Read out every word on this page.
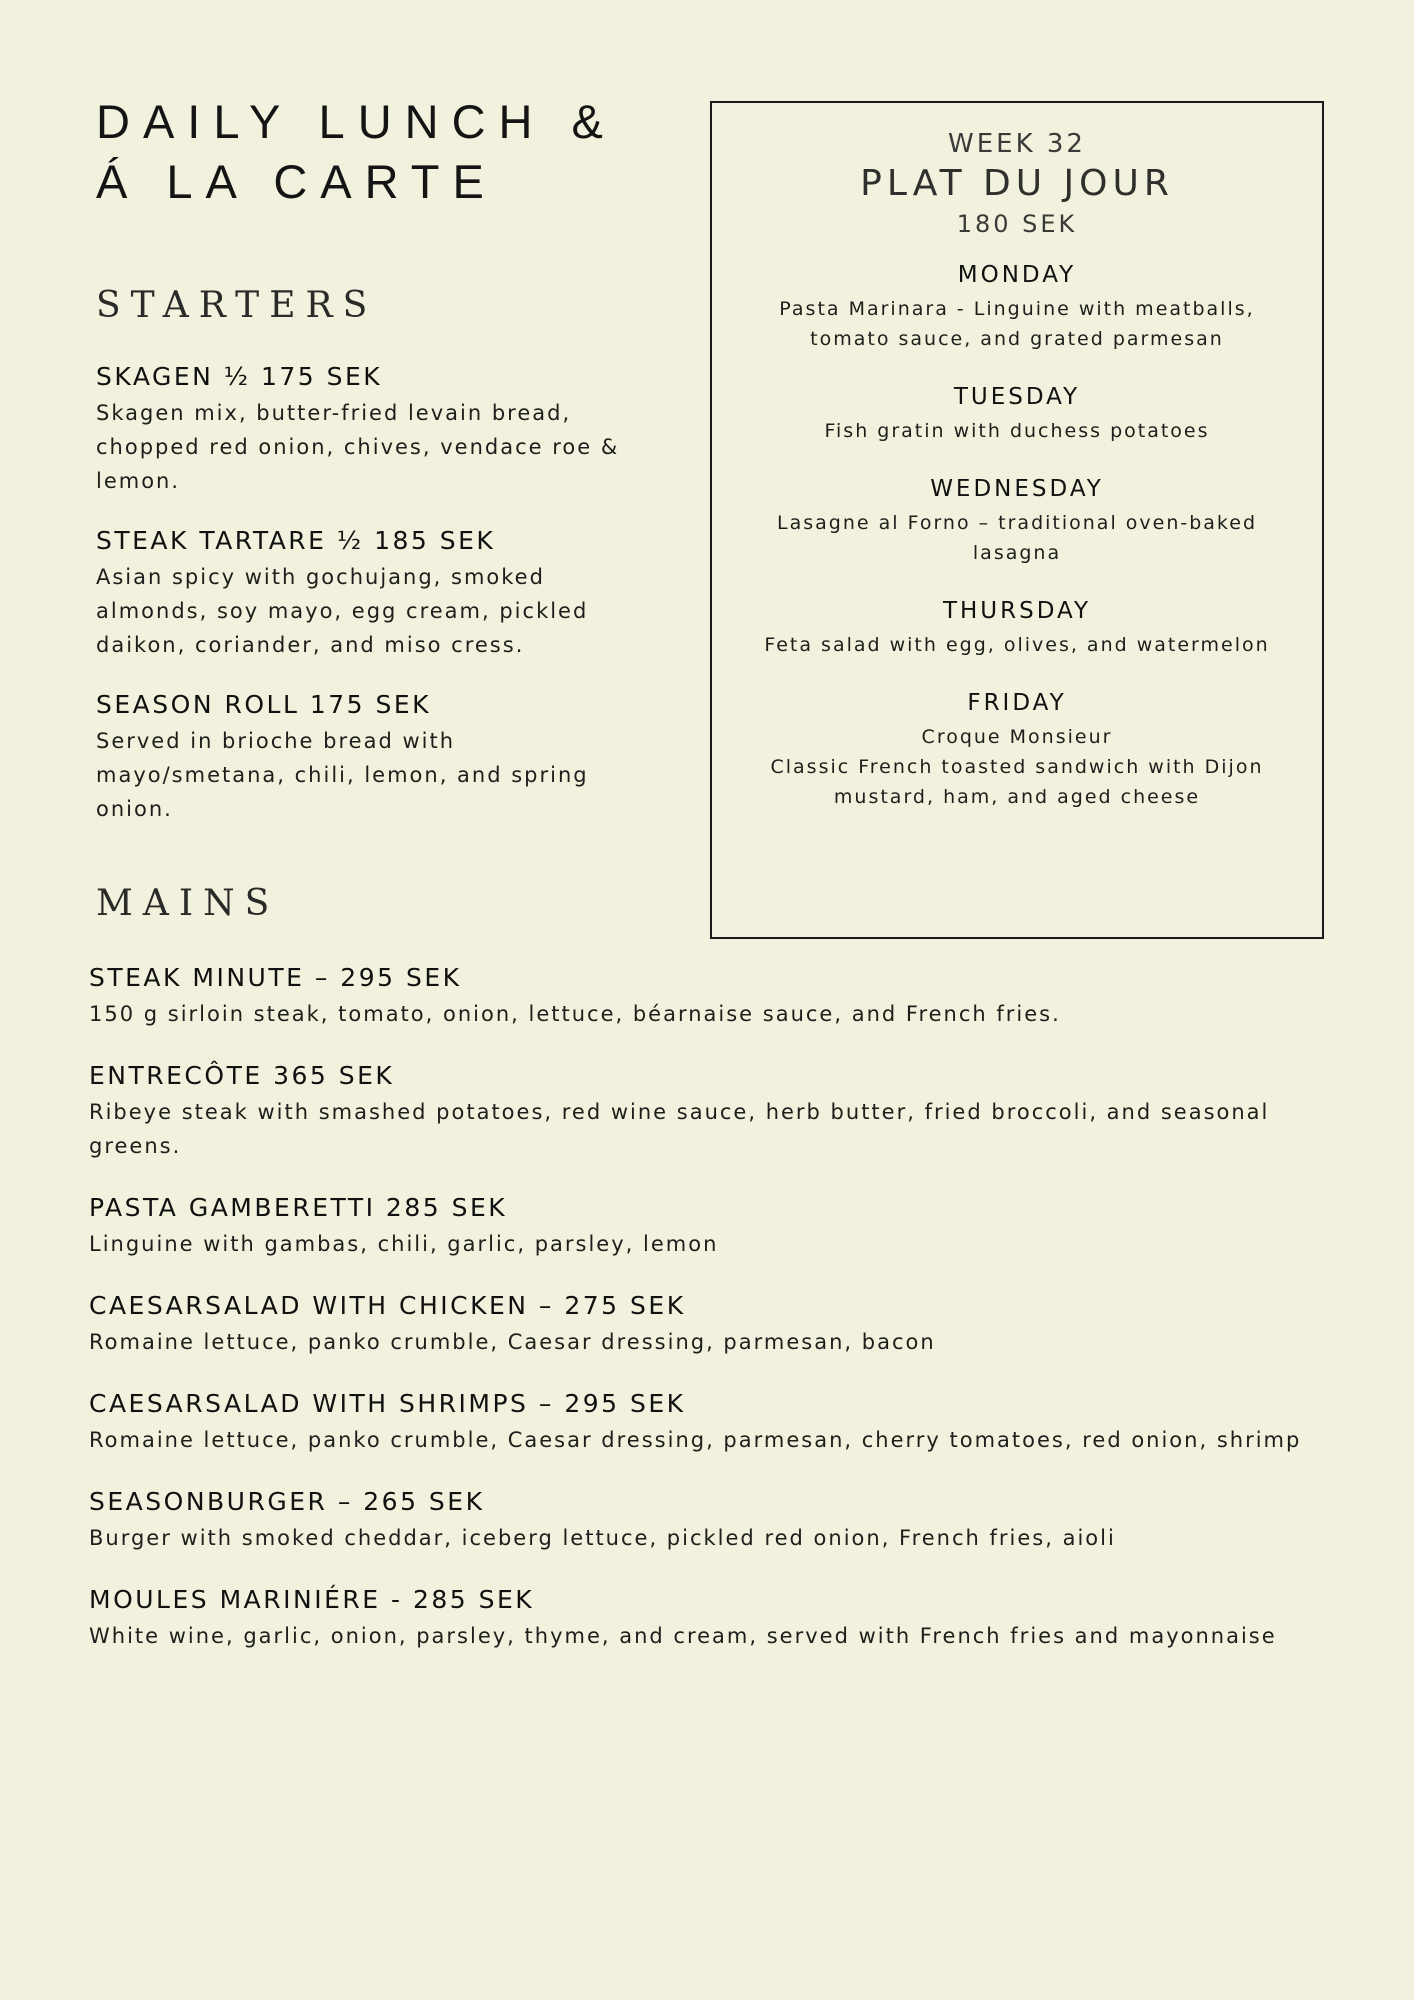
DAILY LUNCH &
Á LA CARTE
STARTERS

SKAGEN ½ 175 SEK

Skagen mix, butter-fried levain bread, chopped red onion, chives, vendace roe & lemon.

STEAK TARTARE ½ 185 SEK

Asian spicy with gochujang, smoked almonds, soy mayo, egg cream, pickled daikon, coriander, and miso cress.

SEASON ROLL 175 SEK

Served in brioche bread with mayo/smetana, chili, lemon, and spring onion.

MAINS

STEAK MINUTE – 295 SEK

150 g sirloin steak, tomato, onion, lettuce, béarnaise sauce, and French fries.

ENTRECÔTE 365 SEK

Ribeye steak with smashed potatoes, red wine sauce, herb butter, fried broccoli, and seasonal greens.

PASTA GAMBERETTI 285 SEK

Linguine with gambas, chili, garlic, parsley, lemon

CAESARSALAD WITH CHICKEN – 275 SEK

Romaine lettuce, panko crumble, Caesar dressing, parmesan, bacon

CAESARSALAD WITH SHRIMPS – 295 SEK

Romaine lettuce, panko crumble, Caesar dressing, parmesan, cherry tomatoes, red onion, shrimp

SEASONBURGER – 265 SEK

Burger with smoked cheddar, iceberg lettuce, pickled red onion, French fries, aioli

MOULES MARINIÉRE - 285 SEK

White wine, garlic, onion, parsley, thyme, and cream, served with French fries and mayonnaise

WEEK 32

PLAT DU JOUR

180 SEK

MONDAY

Pasta Marinara - Linguine with meatballs, tomato sauce, and grated parmesan

TUESDAY

Fish gratin with duchess potatoes

WEDNESDAY

Lasagne al Forno – traditional oven-baked lasagna

THURSDAY

Feta salad with egg, olives, and watermelon

FRIDAY

Croque Monsieur

Classic French toasted sandwich with Dijon mustard, ham, and aged cheese
